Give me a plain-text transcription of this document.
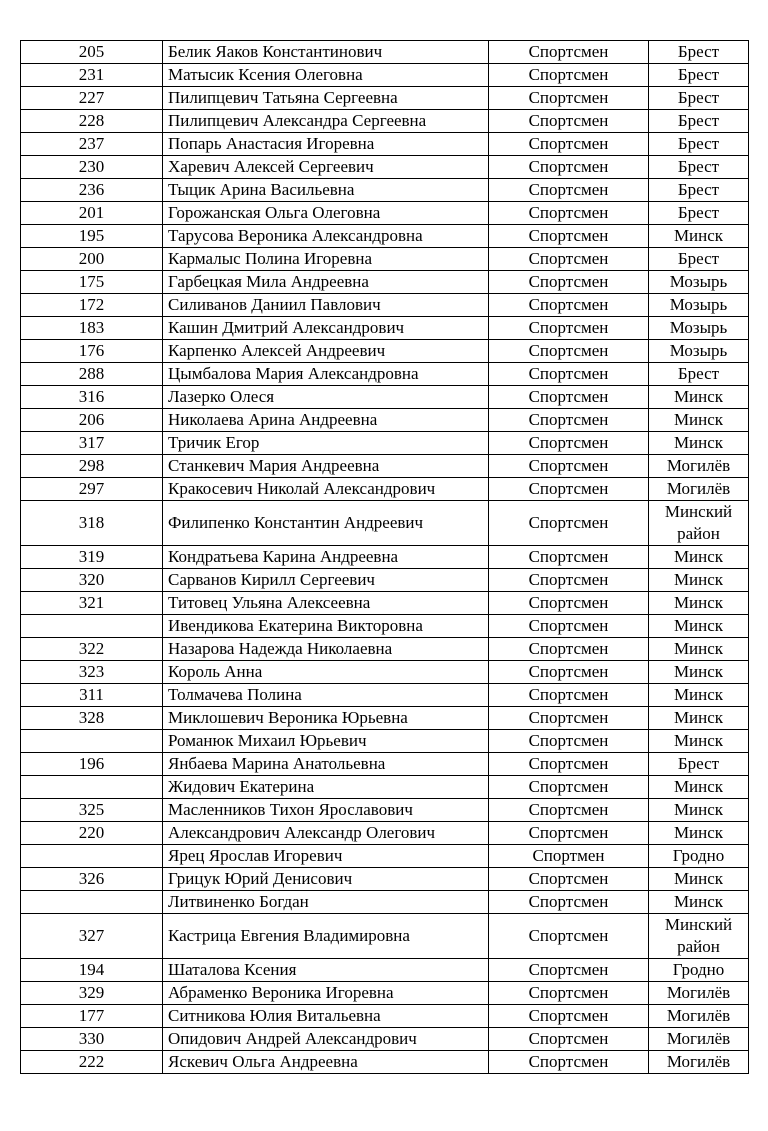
205	Белик Яаков Константинович	Спортсмен	Брест
231	Матысик Ксения Олеговна	Спортсмен	Брест
227	Пилипцевич Татьяна Сергеевна	Спортсмен	Брест
228	Пилипцевич Александра Сергеевна	Спортсмен	Брест
237	Попарь Анастасия Игоревна	Спортсмен	Брест
230	Харевич Алексей Сергеевич	Спортсмен	Брест
236	Тыцик Арина Васильевна	Спортсмен	Брест
201	Горожанская Ольга Олеговна	Спортсмен	Брест
195	Тарусова Вероника Александровна	Спортсмен	Минск
200	Кармалыс Полина Игоревна	Спортсмен	Брест
175	Гарбецкая Мила Андреевна	Спортсмен	Мозырь
172	Силиванов Даниил Павлович	Спортсмен	Мозырь
183	Кашин Дмитрий Александрович	Спортсмен	Мозырь
176	Карпенко Алексей Андреевич	Спортсмен	Мозырь
288	Цымбалова Мария Александровна	Спортсмен	Брест
316	Лазерко Олеся	Спортсмен	Минск
206	Николаева Арина Андреевна	Спортсмен	Минск
317	Тричик Егор	Спортсмен	Минск
298	Станкевич Мария Андреевна	Спортсмен	Могилёв
297	Кракосевич Николай Александрович	Спортсмен	Могилёв
318	Филипенко Константин Андреевич	Спортсмен	Минский район
319	Кондратьева Карина Андреевна	Спортсмен	Минск
320	Сарванов Кирилл Сергеевич	Спортсмен	Минск
321	Титовец Ульяна Алексеевна	Спортсмен	Минск
	Ивендикова Екатерина Викторовна	Спортсмен	Минск
322	Назарова Надежда Николаевна	Спортсмен	Минск
323	Король Анна	Спортсмен	Минск
311	Толмачева Полина	Спортсмен	Минск
328	Миклошевич Вероника Юрьевна	Спортсмен	Минск
	Романюк Михаил Юрьевич	Спортсмен	Минск
196	Янбаева Марина Анатольевна	Спортсмен	Брест
	Жидович Екатерина	Спортсмен	Минск
325	Масленников Тихон Ярославович	Спортсмен	Минск
220	Александрович Александр Олегович	Спортсмен	Минск
	Ярец Ярослав Игоревич	Спортмен	Гродно
326	Грицук Юрий Денисович	Спортсмен	Минск
	Литвиненко Богдан	Спортсмен	Минск
327	Кастрица Евгения Владимировна	Спортсмен	Минский район
194	Шаталова Ксения	Спортсмен	Гродно
329	Абраменко Вероника Игоревна	Спортсмен	Могилёв
177	Ситникова Юлия Витальевна	Спортсмен	Могилёв
330	Опидович Андрей Александрович	Спортсмен	Могилёв
222	Яскевич Ольга Андреевна	Спортсмен	Могилёв
